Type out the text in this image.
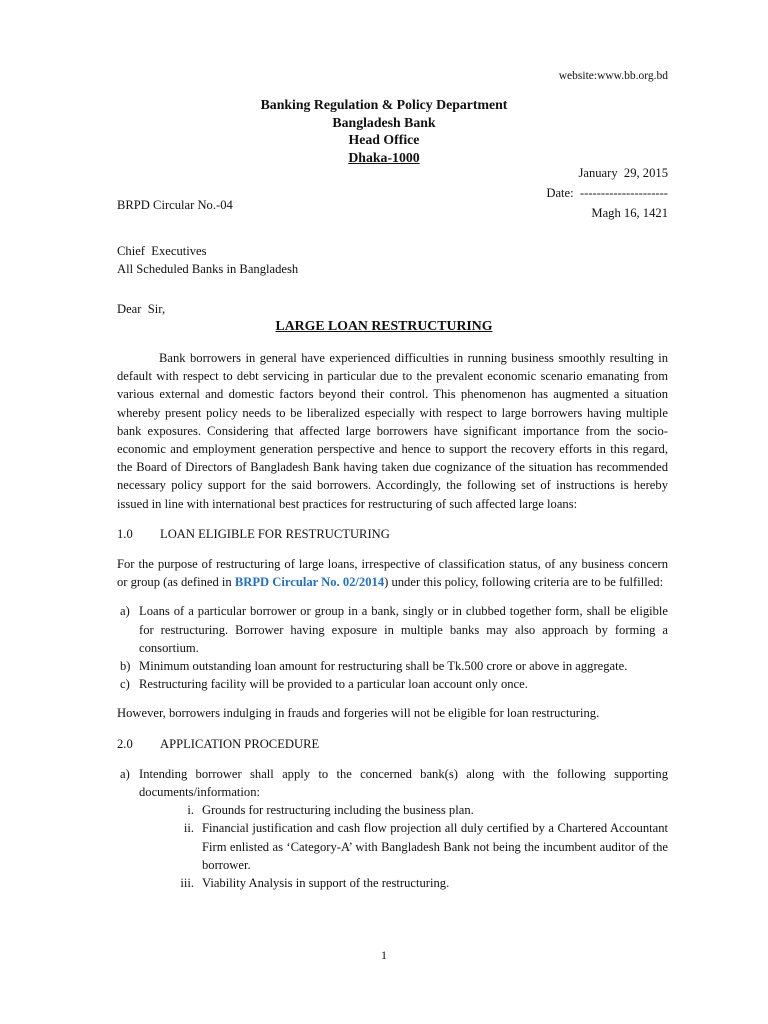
website:www.bb.org.bd
Banking Regulation & Policy Department
Bangladesh Bank
Head Office
Dhaka-1000
January  29, 2015
Date:  ---------------------
Magh 16, 1421
BRPD Circular No.-04
Chief  Executives
All Scheduled Banks in Bangladesh
Dear  Sir,
LARGE LOAN RESTRUCTURING

Bank borrowers in general have experienced difficulties in running business smoothly resulting in default with respect to debt servicing in particular due to the prevalent economic scenario emanating from various external and domestic factors beyond their control. This phenomenon has augmented a situation whereby present policy needs to be liberalized especially with respect to large borrowers having multiple bank exposures. Considering that affected large borrowers have significant importance from the socio-economic and employment generation perspective and hence to support the recovery efforts in this regard, the Board of Directors of Bangladesh Bank having taken due cognizance of the situation has recommended necessary policy support for the said borrowers. Accordingly, the following set of instructions is hereby issued in line with international best practices for restructuring of such affected large loans:

1.0 LOAN ELIGIBLE FOR RESTRUCTURING

For the purpose of restructuring of large loans, irrespective of classification status, of any business concern or group (as defined in BRPD Circular No. 02/2014) under this policy, following criteria are to be fulfilled:

a) Loans of a particular borrower or group in a bank, singly or in clubbed together form, shall be eligible for restructuring. Borrower having exposure in multiple banks may also approach by forming a consortium.
b) Minimum outstanding loan amount for restructuring shall be Tk.500 crore or above in aggregate.
c) Restructuring facility will be provided to a particular loan account only once.

However, borrowers indulging in frauds and forgeries will not be eligible for loan restructuring.

2.0 APPLICATION PROCEDURE
a) Intending borrower shall apply to the concerned bank(s) along with the following supporting documents/information:
i. Grounds for restructuring including the business plan.
ii. Financial justification and cash flow projection all duly certified by a Chartered Accountant Firm enlisted as ‘Category-A’ with Bangladesh Bank not being the incumbent auditor of the borrower.
iii. Viability Analysis in support of the restructuring.
1
